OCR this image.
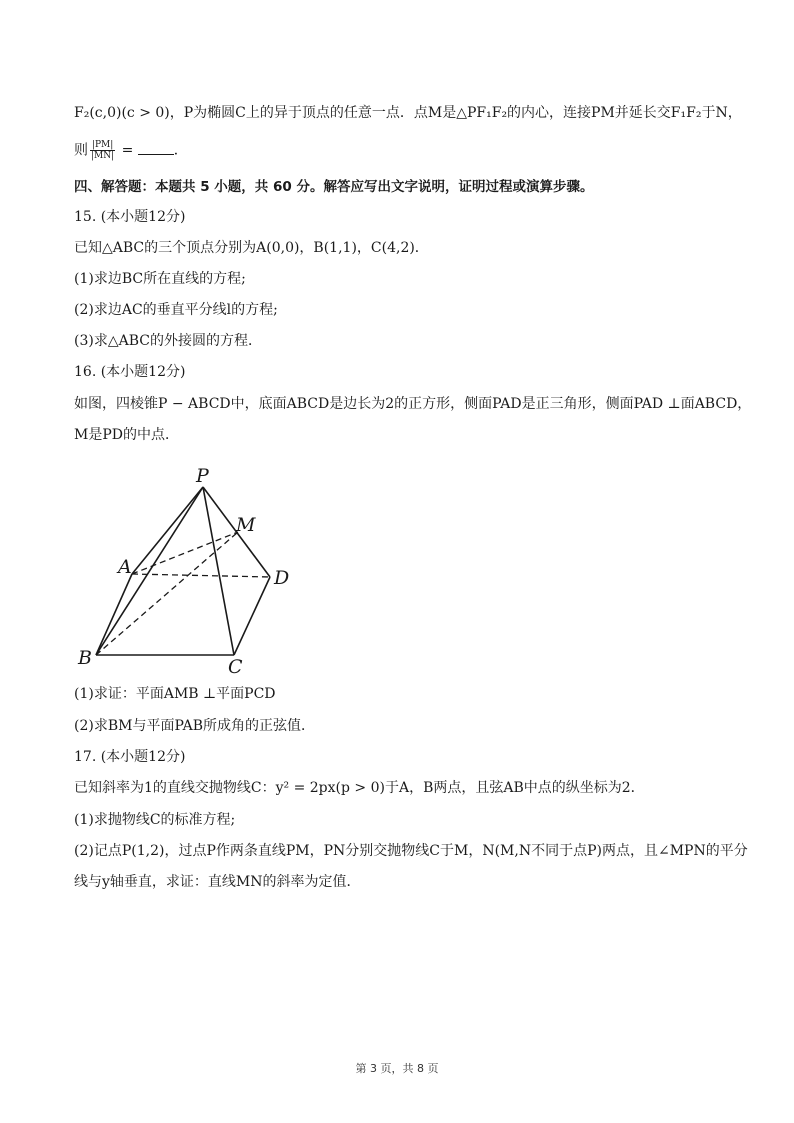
F₂(c,0)(c > 0)，P为椭圆C上的异于顶点的任意一点．点M是△PF₁F₂的内心，连接PM并延长交F₁F₂于N，
则 $\frac{|PM|}{|MN|}$ =	．
四、解答题：本题共 5 小题，共 60 分。解答应写出文字说明，证明过程或演算步骤。
15. (本小题12分)
已知△ABC的三个顶点分别为A(0,0)，B(1,1)，C(4,2)．
(1)求边BC所在直线的方程;
(2)求边AC的垂直平分线l的方程;
(3)求△ABC的外接圆的方程．
16. (本小题12分)
如图，四棱锥P − ABCD中，底面ABCD是边长为2的正方形，侧面PAD是正三角形，侧面PAD ⊥面ABCD，
M是PD的中点．
P
M
A	D
B	C
(1)求证：平面AMB ⊥平面PCD
(2)求BM与平面PAB所成角的正弦值．
17. (本小题12分)
已知斜率为1的直线交抛物线C：y² = 2px(p > 0)于A，B两点，且弦AB中点的纵坐标为2．
(1)求抛物线C的标准方程;
(2)记点P(1,2)，过点P作两条直线PM，PN分别交抛物线C于M，N(M,N不同于点P)两点，且∠MPN的平分
线与y轴垂直，求证：直线MN的斜率为定值．
第 3 页，共 8 页
